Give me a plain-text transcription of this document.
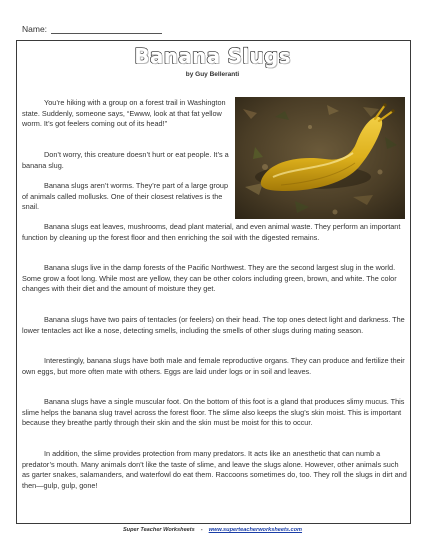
Name:
Banana Slugs
by Guy Belleranti

You’re hiking with a group on a forest trail in Washington state. Suddenly, someone says, “Ewww, look at that fat yellow worm. It’s got feelers coming out of its head!”

Don’t worry, this creature doesn’t hurt or eat people. It’s a banana slug.

Banana slugs aren’t worms. They’re part of a large group of animals called mollusks. One of their closest relatives is the snail.

Banana slugs eat leaves, mushrooms, dead plant material, and even animal waste. They perform an important function by cleaning up the forest floor and then enriching the soil with the digested remains.

Banana slugs live in the damp forests of the Pacific Northwest. They are the second largest slug in the world. Some grow a foot long. While most are yellow, they can be other colors including green, brown, and white. The color changes with their diet and the amount of moisture they get.

Banana slugs have two pairs of tentacles (or feelers) on their head. The top ones detect light and darkness. The lower tentacles act like a nose, detecting smells, including the smells of other slugs during mating season.

Interestingly, banana slugs have both male and female reproductive organs. They can produce and fertilize their own eggs, but more often mate with others. Eggs are laid under logs or in soil and leaves.

Banana slugs have a single muscular foot. On the bottom of this foot is a gland that produces slimy mucus. This slime helps the banana slug travel across the forest floor. The slime also keeps the slug’s skin moist. This is important because they breathe partly through their skin and the skin must be moist for this to occur.

In addition, the slime provides protection from many predators. It acts like an anesthetic that can numb a predator’s mouth. Many animals don’t like the taste of slime, and leave the slugs alone. However, other animals such as garter snakes, salamanders, and waterfowl do eat them. Raccoons sometimes do, too. They roll the slugs in dirt and then—gulp, gulp, gone!

Super Teacher Worksheets - www.superteacherworksheets.com
